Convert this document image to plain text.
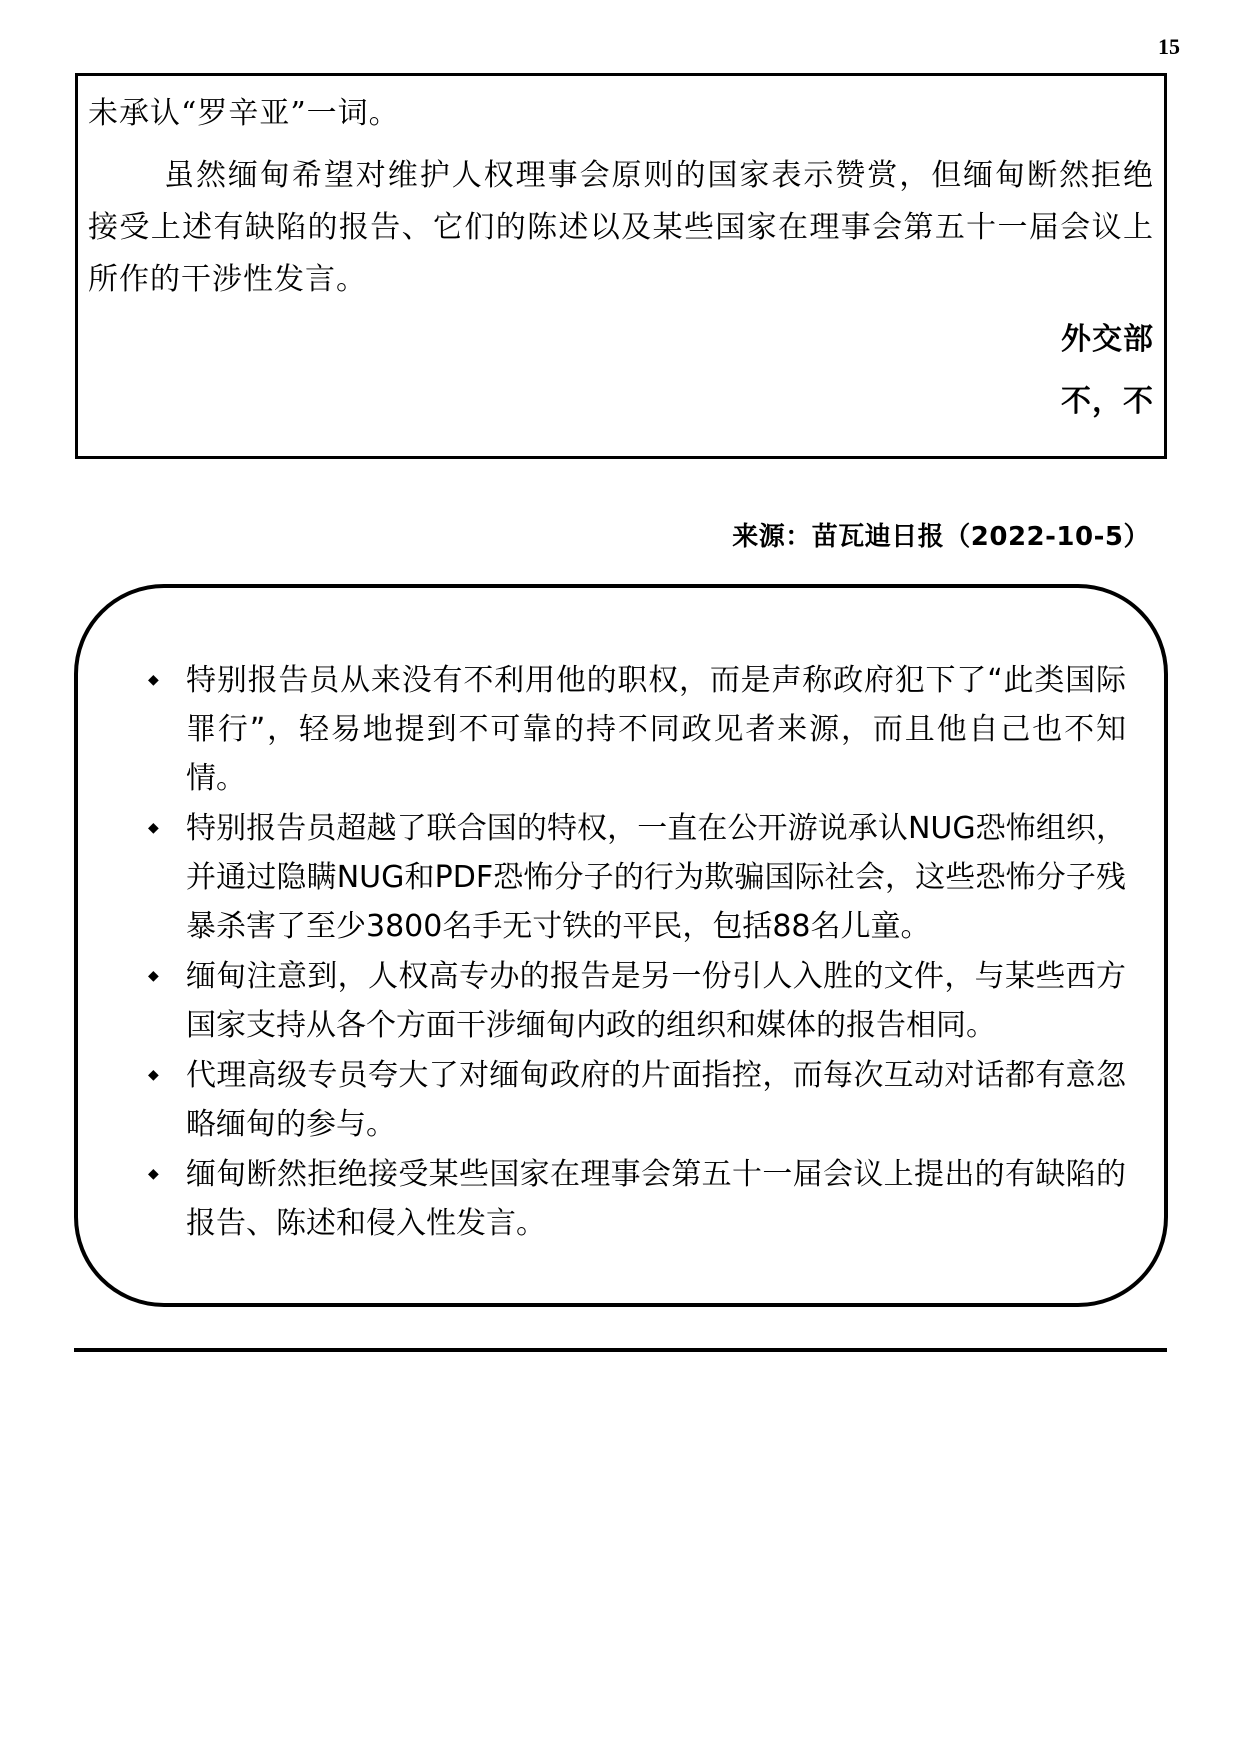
15

未承认“罗辛亚”一词。

虽然缅甸希望对维护人权理事会原则的国家表示赞赏，但缅甸断然拒绝接受上述有缺陷的报告、它们的陈述以及某些国家在理事会第五十一届会议上所作的干涉性发言。

外交部
不，不
来源：苗瓦迪日报（2022-10-5）
◆ 特别报告员从来没有不利用他的职权，而是声称政府犯下了“此类国际罪行”，轻易地提到不可靠的持不同政见者来源，而且他自己也不知情。
◆ 特别报告员超越了联合国的特权，一直在公开游说承认NUG恐怖组织，并通过隐瞒NUG和PDF恐怖分子的行为欺骗国际社会，这些恐怖分子残暴杀害了至少3800名手无寸铁的平民，包括88名儿童。
◆ 缅甸注意到，人权高专办的报告是另一份引人入胜的文件，与某些西方国家支持从各个方面干涉缅甸内政的组织和媒体的报告相同。
◆ 代理高级专员夸大了对缅甸政府的片面指控，而每次互动对话都有意忽略缅甸的参与。
◆ 缅甸断然拒绝接受某些国家在理事会第五十一届会议上提出的有缺陷的报告、陈述和侵入性发言。
